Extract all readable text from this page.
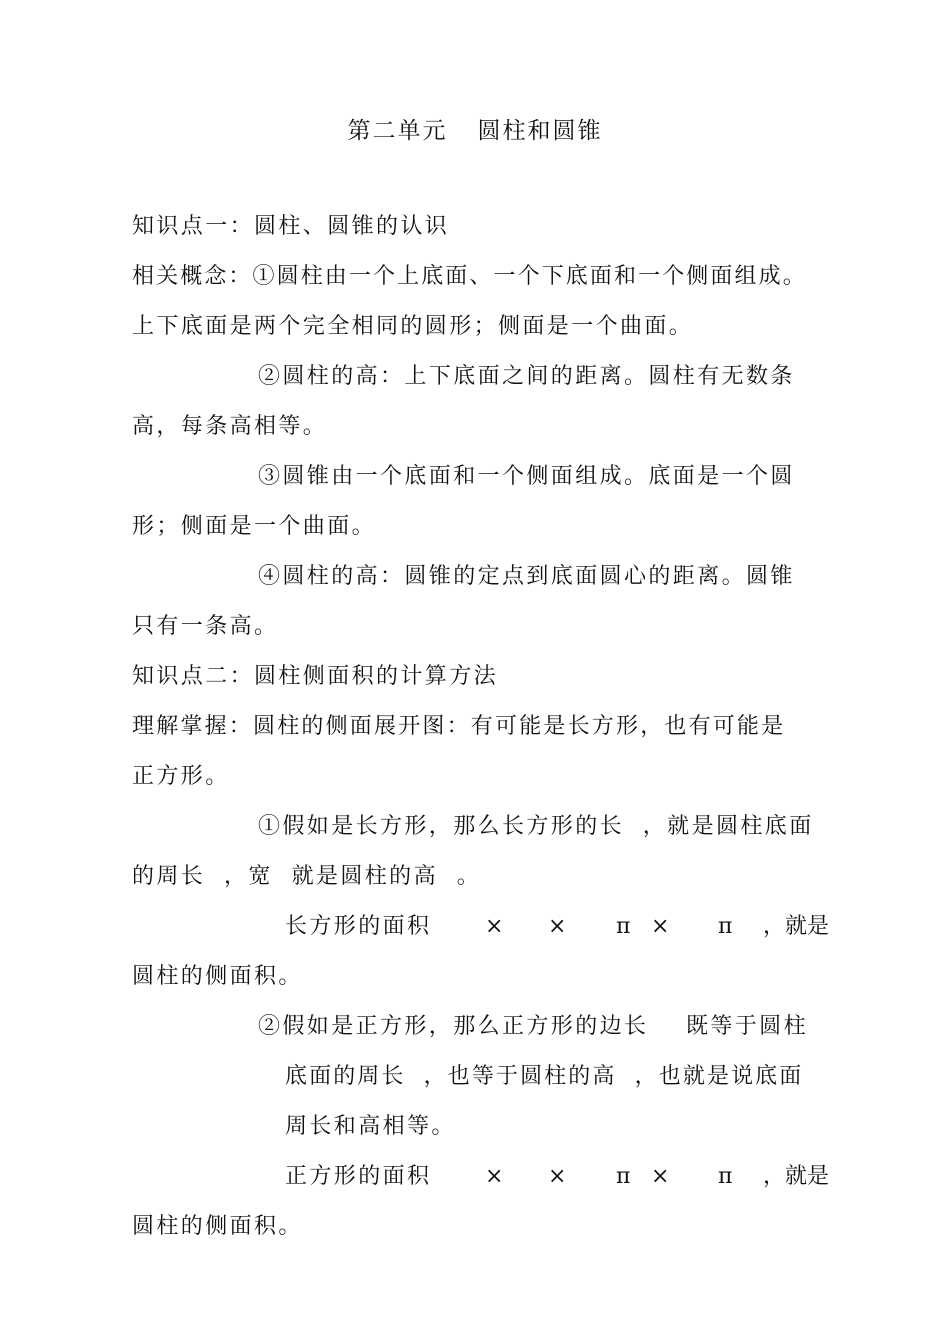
第二单元 圆柱和圆锥
知识点一：圆柱、圆锥的认识
相关概念：①圆柱由一个上底面、一个下底面和一个侧面组成。
上下底面是两个完全相同的圆形；侧面是一个曲面。
②圆柱的高：上下底面之间的距离。圆柱有无数条
高，每条高相等。
③圆锥由一个底面和一个侧面组成。底面是一个圆
形；侧面是一个曲面。
④圆柱的高：圆锥的定点到底面圆心的距离。圆锥
只有一条高。
知识点二：圆柱侧面积的计算方法
理解掌握：圆柱的侧面展开图：有可能是长方形，也有可能是
正方形。
①假如是长方形，那么长方形的长  ，就是圆柱底面
的周长  ，宽  就是圆柱的高  。
长方形的面积	× × π × π ，就是
圆柱的侧面积。
②假如是正方形，那么正方形的边长    既等于圆柱
底面的周长  ，也等于圆柱的高  ，也就是说底面
周长和高相等。
正方形的面积	× × π × π ，就是
圆柱的侧面积。
